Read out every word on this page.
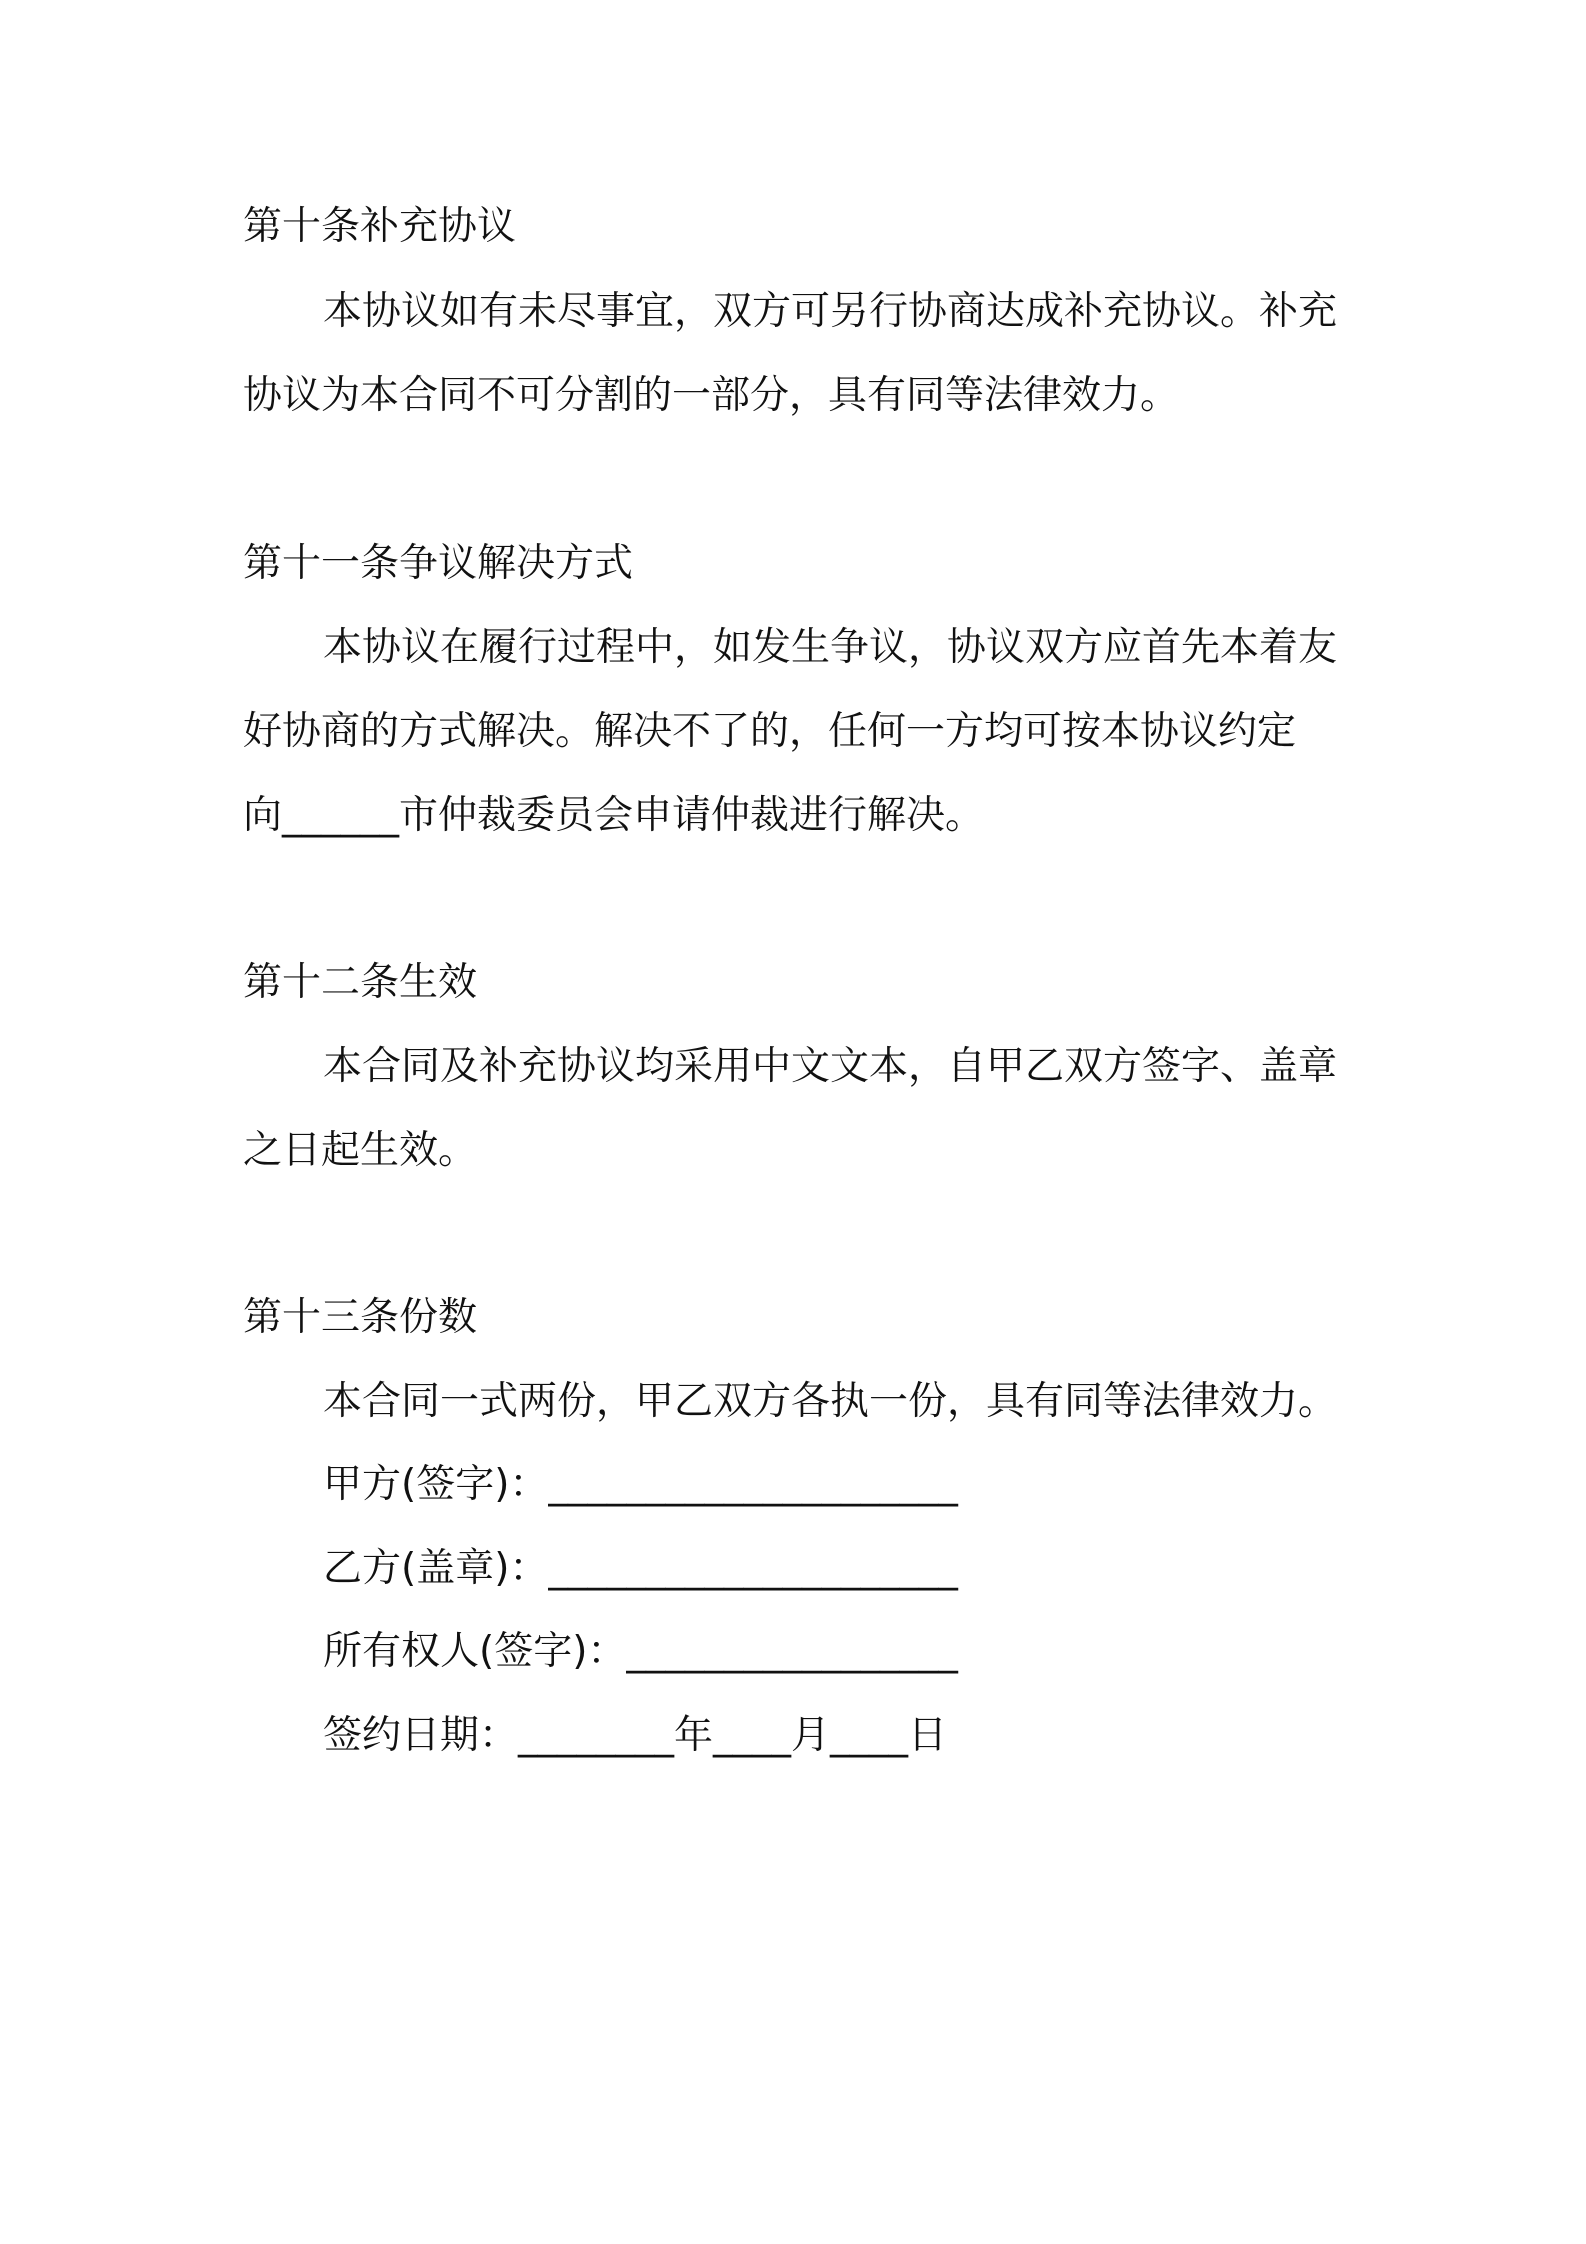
第十条补充协议
本协议如有未尽事宜，双方可另行协商达成补充协议。补充
协议为本合同不可分割的一部分，具有同等法律效力。
第十一条争议解决方式
本协议在履行过程中，如发生争议，协议双方应首先本着友
好协商的方式解决。解决不了的，任何一方均可按本协议约定
向______市仲裁委员会申请仲裁进行解决。
第十二条生效
本合同及补充协议均采用中文文本，自甲乙双方签字、盖章
之日起生效。
第十三条份数
本合同一式两份，甲乙双方各执一份，具有同等法律效力。
甲方(签字)：_____________________
乙方(盖章)：_____________________
所有权人(签字)：_________________
签约日期：________年____月____日
